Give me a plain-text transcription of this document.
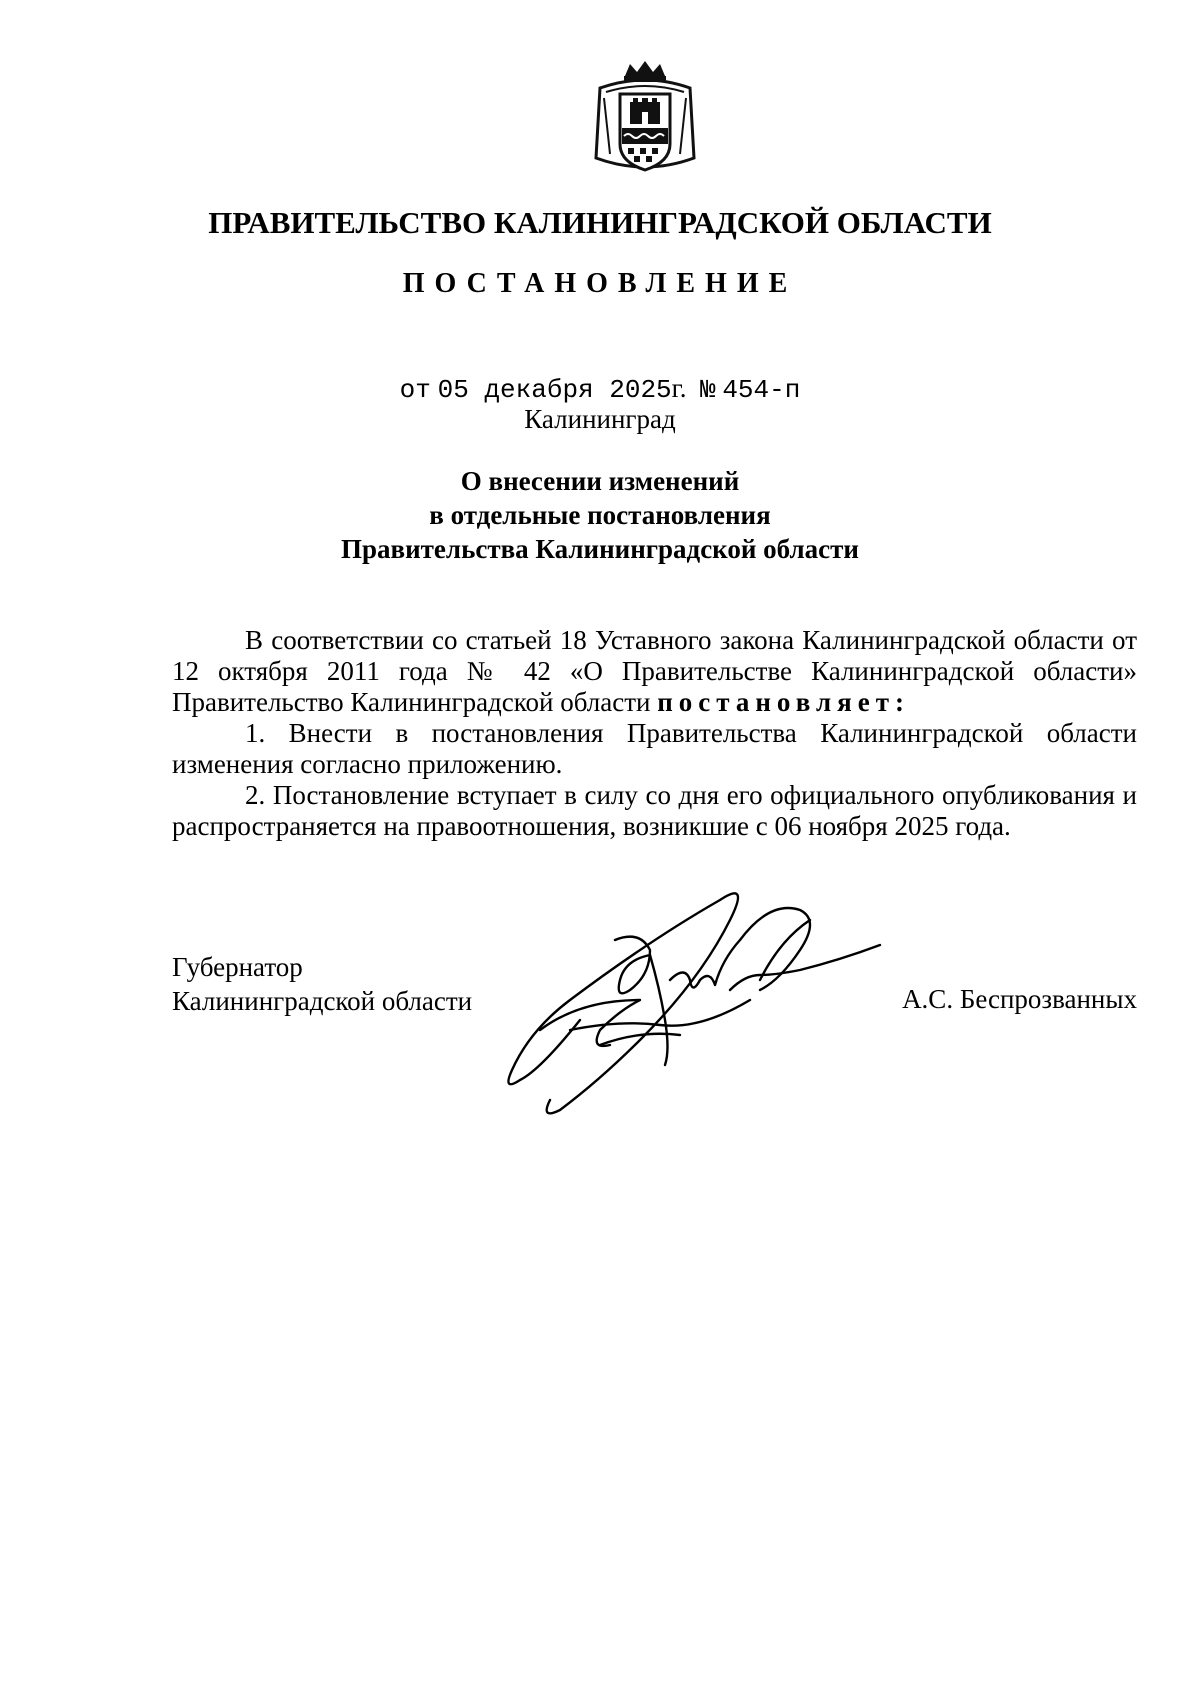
ПРАВИТЕЛЬСТВО КАЛИНИНГРАДСКОЙ ОБЛАСТИ
ПОСТАНОВЛЕНИЕ
от 05 декабря 2025г. № 454-п
Калининград
О внесении изменений
в отдельные постановления
Правительства Калининградской области

В соответствии со статьей 18 Уставного закона Калининградской области от 12 октября 2011 года № 42 «О Правительстве Калининградской области» Правительство Калининградской области постановляет:

1. Внести в постановления Правительства Калининградской области изменения согласно приложению.

2. Постановление вступает в силу со дня его официального опубликования и распространяется на правоотношения, возникшие с 06 ноября 2025 года.

Губернатор
Калининградской области	А.С. Беспрозванных
